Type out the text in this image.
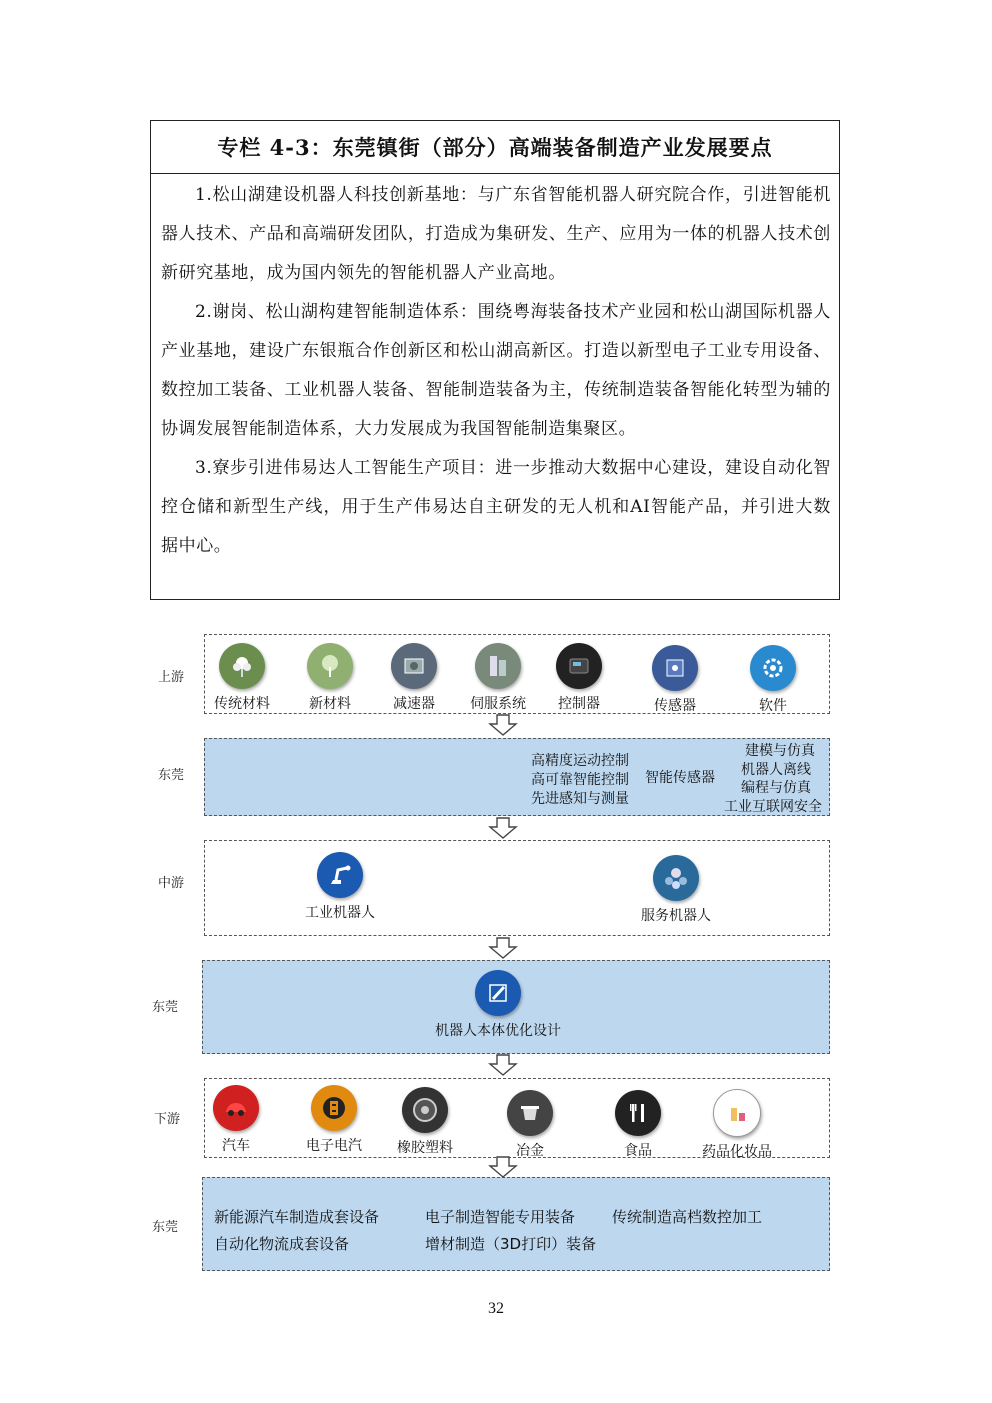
专栏 4-3：东莞镇街（部分）高端装备制造产业发展要点

1.松山湖建设机器人科技创新基地：与广东省智能机器人研究院合作，引进智能机器人技术、产品和高端研发团队，打造成为集研发、生产、应用为一体的机器人技术创新研究基地，成为国内领先的智能机器人产业高地。

2.谢岗、松山湖构建智能制造体系：围绕粤海装备技术产业园和松山湖国际机器人产业基地，建设广东银瓶合作创新区和松山湖高新区。打造以新型电子工业专用设备、数控加工装备、工业机器人装备、智能制造装备为主，传统制造装备智能化转型为辅的协调发展智能制造体系，大力发展成为我国智能制造集聚区。

3.寮步引进伟易达人工智能生产项目：进一步推动大数据中心建设，建设自动化智控仓储和新型生产线，用于生产伟易达自主研发的无人机和AI智能产品，并引进大数据中心。

上游
传统材料	新材料	减速器	伺服系统	控制器	传感器	软件
东莞
高精度运动控制
高可靠智能控制
先进感知与测量
智能传感器
建模与仿真
机器人离线
编程与仿真
工业互联网安全
中游
工业机器人	服务机器人
东莞
机器人本体优化设计
下游
汽车	电子电汽	橡胶塑料	冶金	食品	药品化妆品
东莞
新能源汽车制造成套设备	电子制造智能专用装备 传统制造高档数控加工
自动化物流成套设备	增材制造（3D打印）装备
32
